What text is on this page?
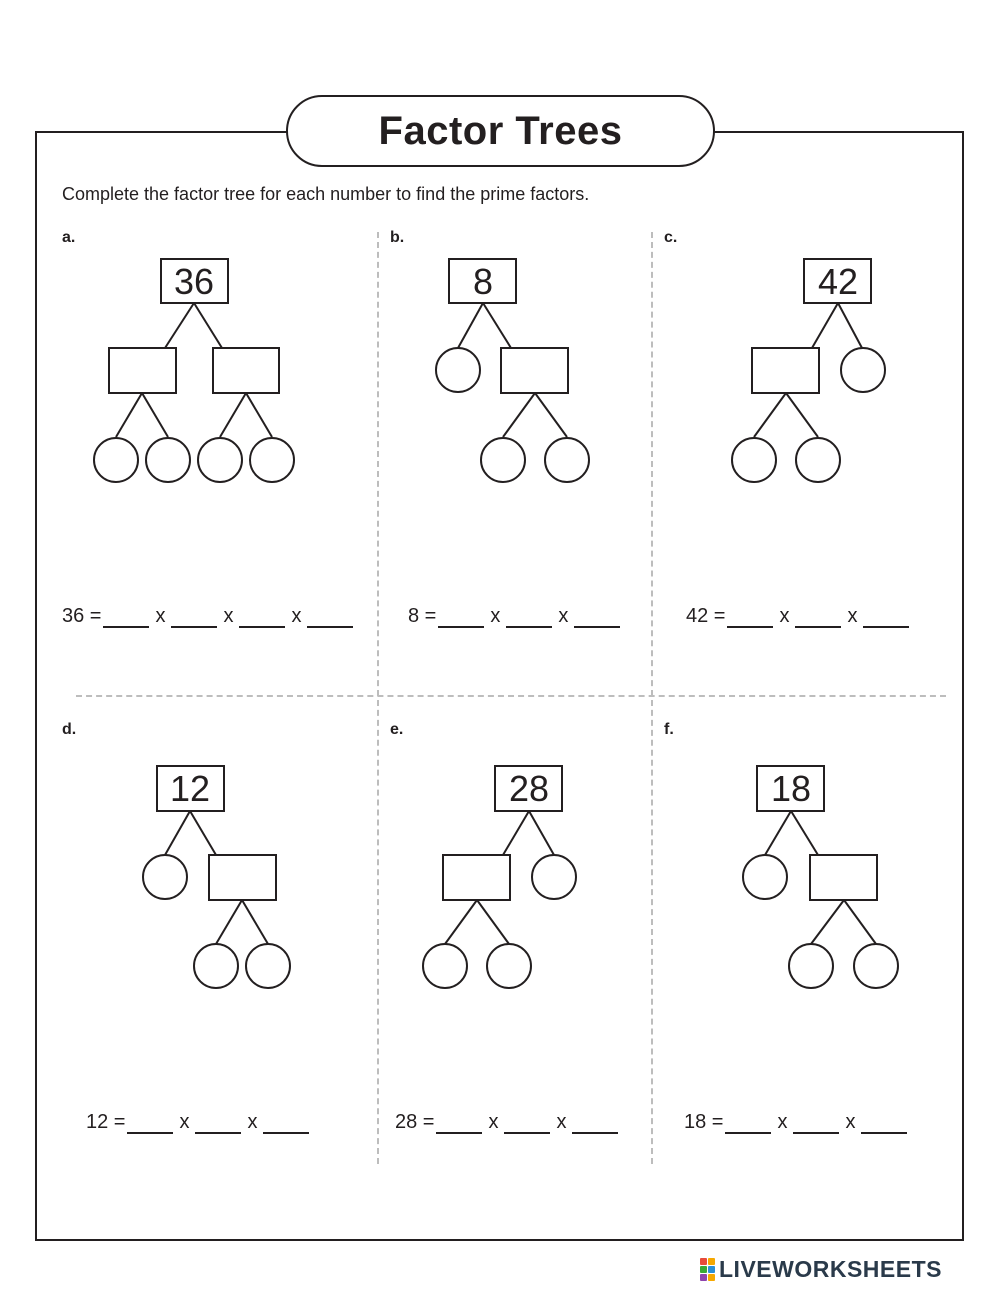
Factor Trees
Complete the factor tree for each number to find the prime factors.
a.	b.	c.
d.	e.	f.
36	8	42
12	28	18
36 =	x	x	x	8 =	x	x	42 =	x	x
12 =	x	x	28 =	x	x	18 =	x	x
LIVEWORKSHEETS
